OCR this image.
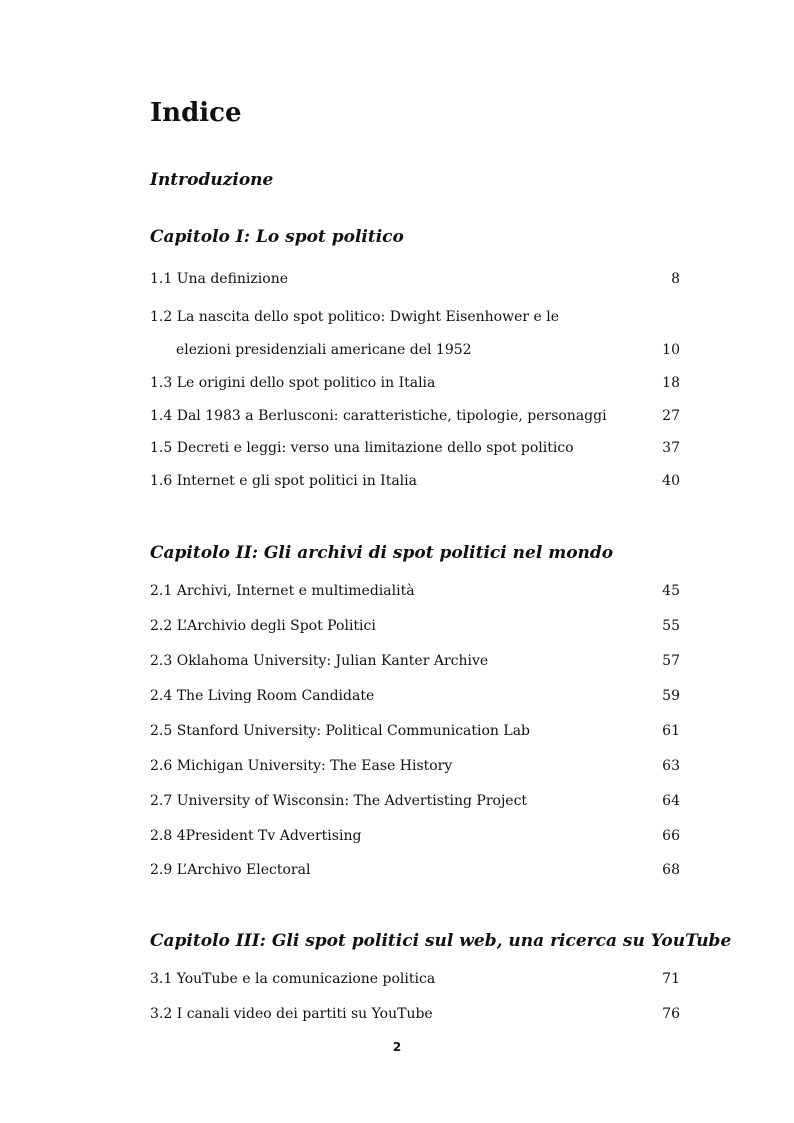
Indice
Introduzione
Capitolo I: Lo spot politico
1.1 Una definizione	8
1.2 La nascita dello spot politico: Dwight Eisenhower e le
elezioni presidenziali americane del 1952	10
1.3 Le origini dello spot politico in Italia	18
1.4 Dal 1983 a Berlusconi: caratteristiche, tipologie, personaggi	27
1.5 Decreti e leggi: verso una limitazione dello spot politico	37
1.6 Internet e gli spot politici in Italia	40
Capitolo II: Gli archivi di spot politici nel mondo
2.1 Archivi, Internet e multimedialità	45
2.2 L’Archivio degli Spot Politici	55
2.3 Oklahoma University: Julian Kanter Archive	57
2.4 The Living Room Candidate	59
2.5 Stanford University: Political Communication Lab	61
2.6 Michigan University: The Ease History	63
2.7 University of Wisconsin: The Advertisting Project	64
2.8 4President Tv Advertising	66
2.9 L’Archivo Electoral	68
Capitolo III: Gli spot politici sul web, una ricerca su YouTube
3.1 YouTube e la comunicazione politica	71
3.2 I canali video dei partiti su YouTube	76
2
